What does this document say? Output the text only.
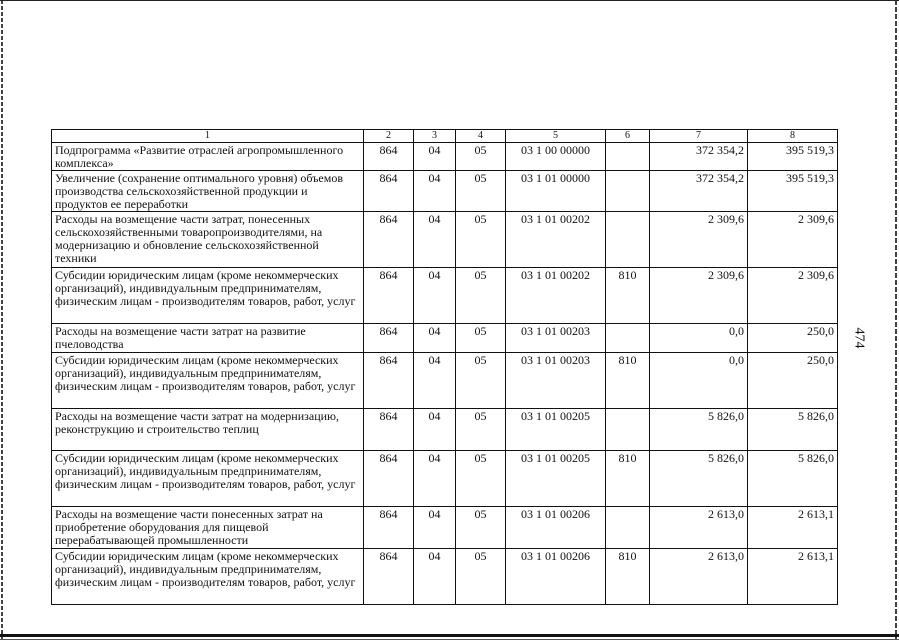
474
1	2	3	4	5	6	7	8
Подпрограмма «Развитие отраслей агропромышленного комплекса»	864	04	05	03 1 00 00000		372 354,2	395 519,3
Увеличение (сохранение оптимального уровня) объемов производства сельскохозяйственной продукции и продуктов ее переработки	864	04	05	03 1 01 00000		372 354,2	395 519,3
Расходы на возмещение части затрат, понесенных сельскохозяйственными товаропроизводителями, на модернизацию и обновление сельскохозяйственной техники	864	04	05	03 1 01 00202		2 309,6	2 309,6
Субсидии юридическим лицам (кроме некоммерческих организаций), индивидуальным предпринимателям, физическим лицам - производителям товаров, работ, услуг	864	04	05	03 1 01 00202	810	2 309,6	2 309,6
Расходы на возмещение части затрат на развитие пчеловодства	864	04	05	03 1 01 00203		0,0	250,0
Субсидии юридическим лицам (кроме некоммерческих организаций), индивидуальным предпринимателям, физическим лицам - производителям товаров, работ, услуг	864	04	05	03 1 01 00203	810	0,0	250,0
Расходы на возмещение части затрат на модернизацию, реконструкцию и строительство теплиц	864	04	05	03 1 01 00205		5 826,0	5 826,0
Субсидии юридическим лицам (кроме некоммерческих организаций), индивидуальным предпринимателям, физическим лицам - производителям товаров, работ, услуг	864	04	05	03 1 01 00205	810	5 826,0	5 826,0
Расходы на возмещение части понесенных затрат на приобретение оборудования для пищевой перерабатывающей промышленности	864	04	05	03 1 01 00206		2 613,0	2 613,1
Субсидии юридическим лицам (кроме некоммерческих организаций), индивидуальным предпринимателям, физическим лицам - производителям товаров, работ, услуг	864	04	05	03 1 01 00206	810	2 613,0	2 613,1
